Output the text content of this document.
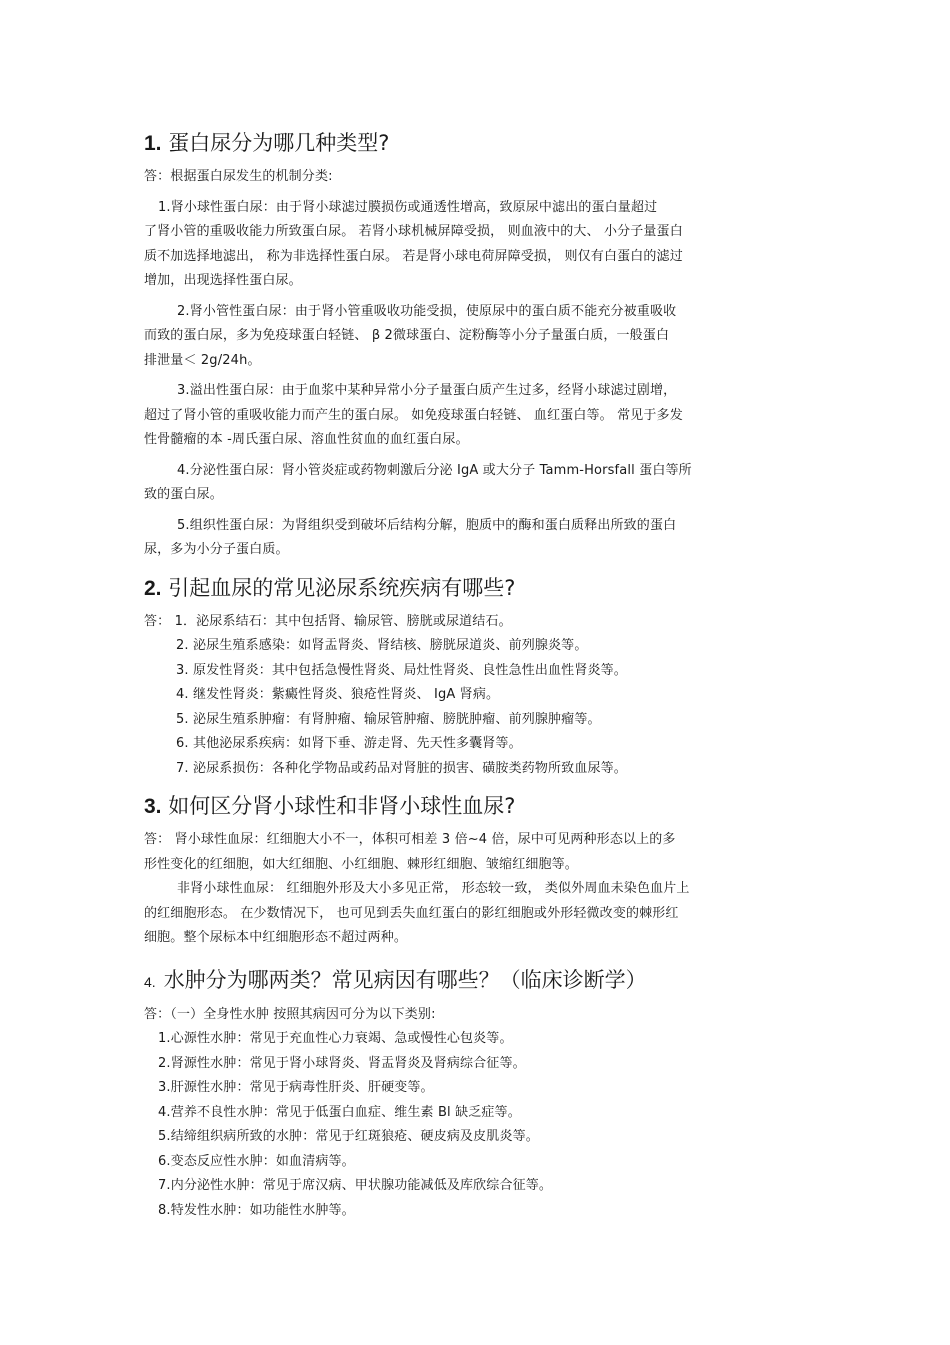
1. 蛋白尿分为哪几种类型?

答：根据蛋白尿发生的机制分类:

1.肾小球性蛋白尿：由于肾小球滤过膜损伤或通透性增高，致原尿中滤出的蛋白量超过

了肾小管的重吸收能力所致蛋白尿。 若肾小球机械屏障受损， 则血液中的大、 小分子量蛋白

质不加选择地滤出， 称为非选择性蛋白尿。 若是肾小球电荷屏障受损， 则仅有白蛋白的滤过

增加，出现选择性蛋白尿。

2.肾小管性蛋白尿：由于肾小管重吸收功能受损，使原尿中的蛋白质不能充分被重吸收

而致的蛋白尿，多为免疫球蛋白轻链、 β 2微球蛋白、淀粉酶等小分子量蛋白质，一般蛋白

排泄量＜ 2g/24h。

3.溢出性蛋白尿：由于血浆中某种异常小分子量蛋白质产生过多，经肾小球滤过剧增，

超过了肾小管的重吸收能力而产生的蛋白尿。 如免疫球蛋白轻链、 血红蛋白等。 常见于多发

性骨髓瘤的本 -周氏蛋白尿、溶血性贫血的血红蛋白尿。

4.分泌性蛋白尿：肾小管炎症或药物刺激后分泌 IgA 或大分子 Tamm-Horsfall 蛋白等所

致的蛋白尿。

5.组织性蛋白尿：为肾组织受到破坏后结构分解，胞质中的酶和蛋白质释出所致的蛋白

尿，多为小分子蛋白质。

2. 引起血尿的常见泌尿系统疾病有哪些?

答： 1．泌尿系结石：其中包括肾、输尿管、膀胱或尿道结石。

2. 泌尿生殖系感染：如肾盂肾炎、肾结核、膀胱尿道炎、前列腺炎等。

3. 原发性肾炎：其中包括急慢性肾炎、局灶性肾炎、良性急性出血性肾炎等。

4. 继发性肾炎：紫癜性肾炎、狼疮性肾炎、 IgA 肾病。

5. 泌尿生殖系肿瘤：有肾肿瘤、输尿管肿瘤、膀胱肿瘤、前列腺肿瘤等。

6. 其他泌尿系疾病：如肾下垂、游走肾、先天性多囊肾等。

7. 泌尿系损伤：各种化学物品或药品对肾脏的损害、磺胺类药物所致血尿等。

3. 如何区分肾小球性和非肾小球性血尿?

答： 肾小球性血尿：红细胞大小不一，体积可相差 3 倍~4 倍，尿中可见两种形态以上的多

形性变化的红细胞，如大红细胞、小红细胞、棘形红细胞、皱缩红细胞等。

非肾小球性血尿： 红细胞外形及大小多见正常， 形态较一致， 类似外周血未染色血片上

的红细胞形态。 在少数情况下， 也可见到丢失血红蛋白的影红细胞或外形轻微改变的棘形红

细胞。整个尿标本中红细胞形态不超过两种。

4. 水肿分为哪两类？常见病因有哪些？（临床诊断学）

答：（一）全身性水肿 按照其病因可分为以下类别:

1.心源性水肿：常见于充血性心力衰竭、急或慢性心包炎等。

2.肾源性水肿：常见于肾小球肾炎、肾盂肾炎及肾病综合征等。

3.肝源性水肿：常见于病毒性肝炎、肝硬变等。

4.营养不良性水肿：常见于低蛋白血症、维生素 Bl 缺乏症等。

5.结缔组织病所致的水肿：常见于红斑狼疮、硬皮病及皮肌炎等。

6.变态反应性水肿：如血清病等。

7.内分泌性水肿：常见于席汉病、甲状腺功能减低及库欣综合征等。

8.特发性水肿：如功能性水肿等。
